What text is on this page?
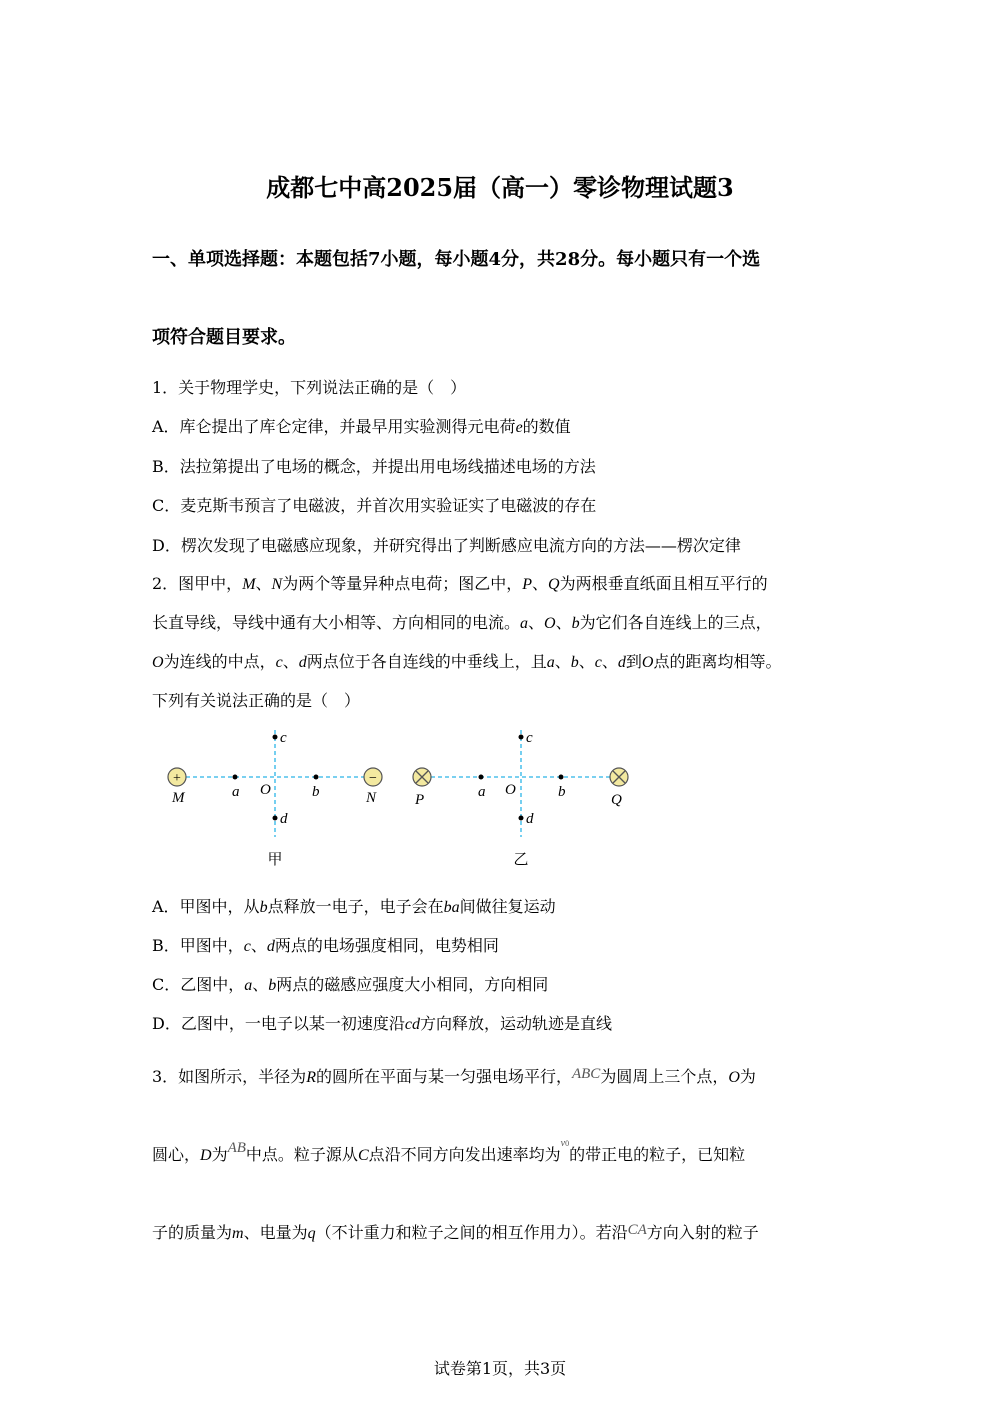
成都七中高2025届（高一）零诊物理试题3
一、单项选择题：本题包括7小题，每小题4分，共28分。每小题只有一个选
项符合题目要求。
1．关于物理学史，下列说法正确的是（　）
A．库仑提出了库仑定律，并最早用实验测得元电荷e的数值
B．法拉第提出了电场的概念，并提出用电场线描述电场的方法
C．麦克斯韦预言了电磁波，并首次用实验证实了电磁波的存在
D．楞次发现了电磁感应现象，并研究得出了判断感应电流方向的方法——楞次定律
2．图甲中，M、N为两个等量异种点电荷；图乙中，P、Q为两根垂直纸面且相互平行的
长直导线，导线中通有大小相等、方向相同的电流。a、O、b为它们各自连线上的三点，
O为连线的中点，c、d两点位于各自连线的中垂线上，且a、b、c、d到O点的距离均相等。
下列有关说法正确的是（　）
+	−
M	N
a O	b
c
d
甲
P	Q
a O	b
c
d
乙
A．甲图中，从b点释放一电子，电子会在ba间做往复运动
B．甲图中，c、d两点的电场强度相同，电势相同
C．乙图中，a、b两点的磁感应强度大小相同，方向相同
D．乙图中，一电子以某一初速度沿cd方向释放，运动轨迹是直线
3．如图所示，半径为R的圆所在平面与某一匀强电场平行，ABC为圆周上三个点，O为
圆心，D为AB中点。粒子源从C点沿不同方向发出速率均为$^{v0}$的带正电的粒子，已知粒
子的质量为m、电量为q（不计重力和粒子之间的相互作用力）。若沿CA方向入射的粒子
试卷第1页，共3页
